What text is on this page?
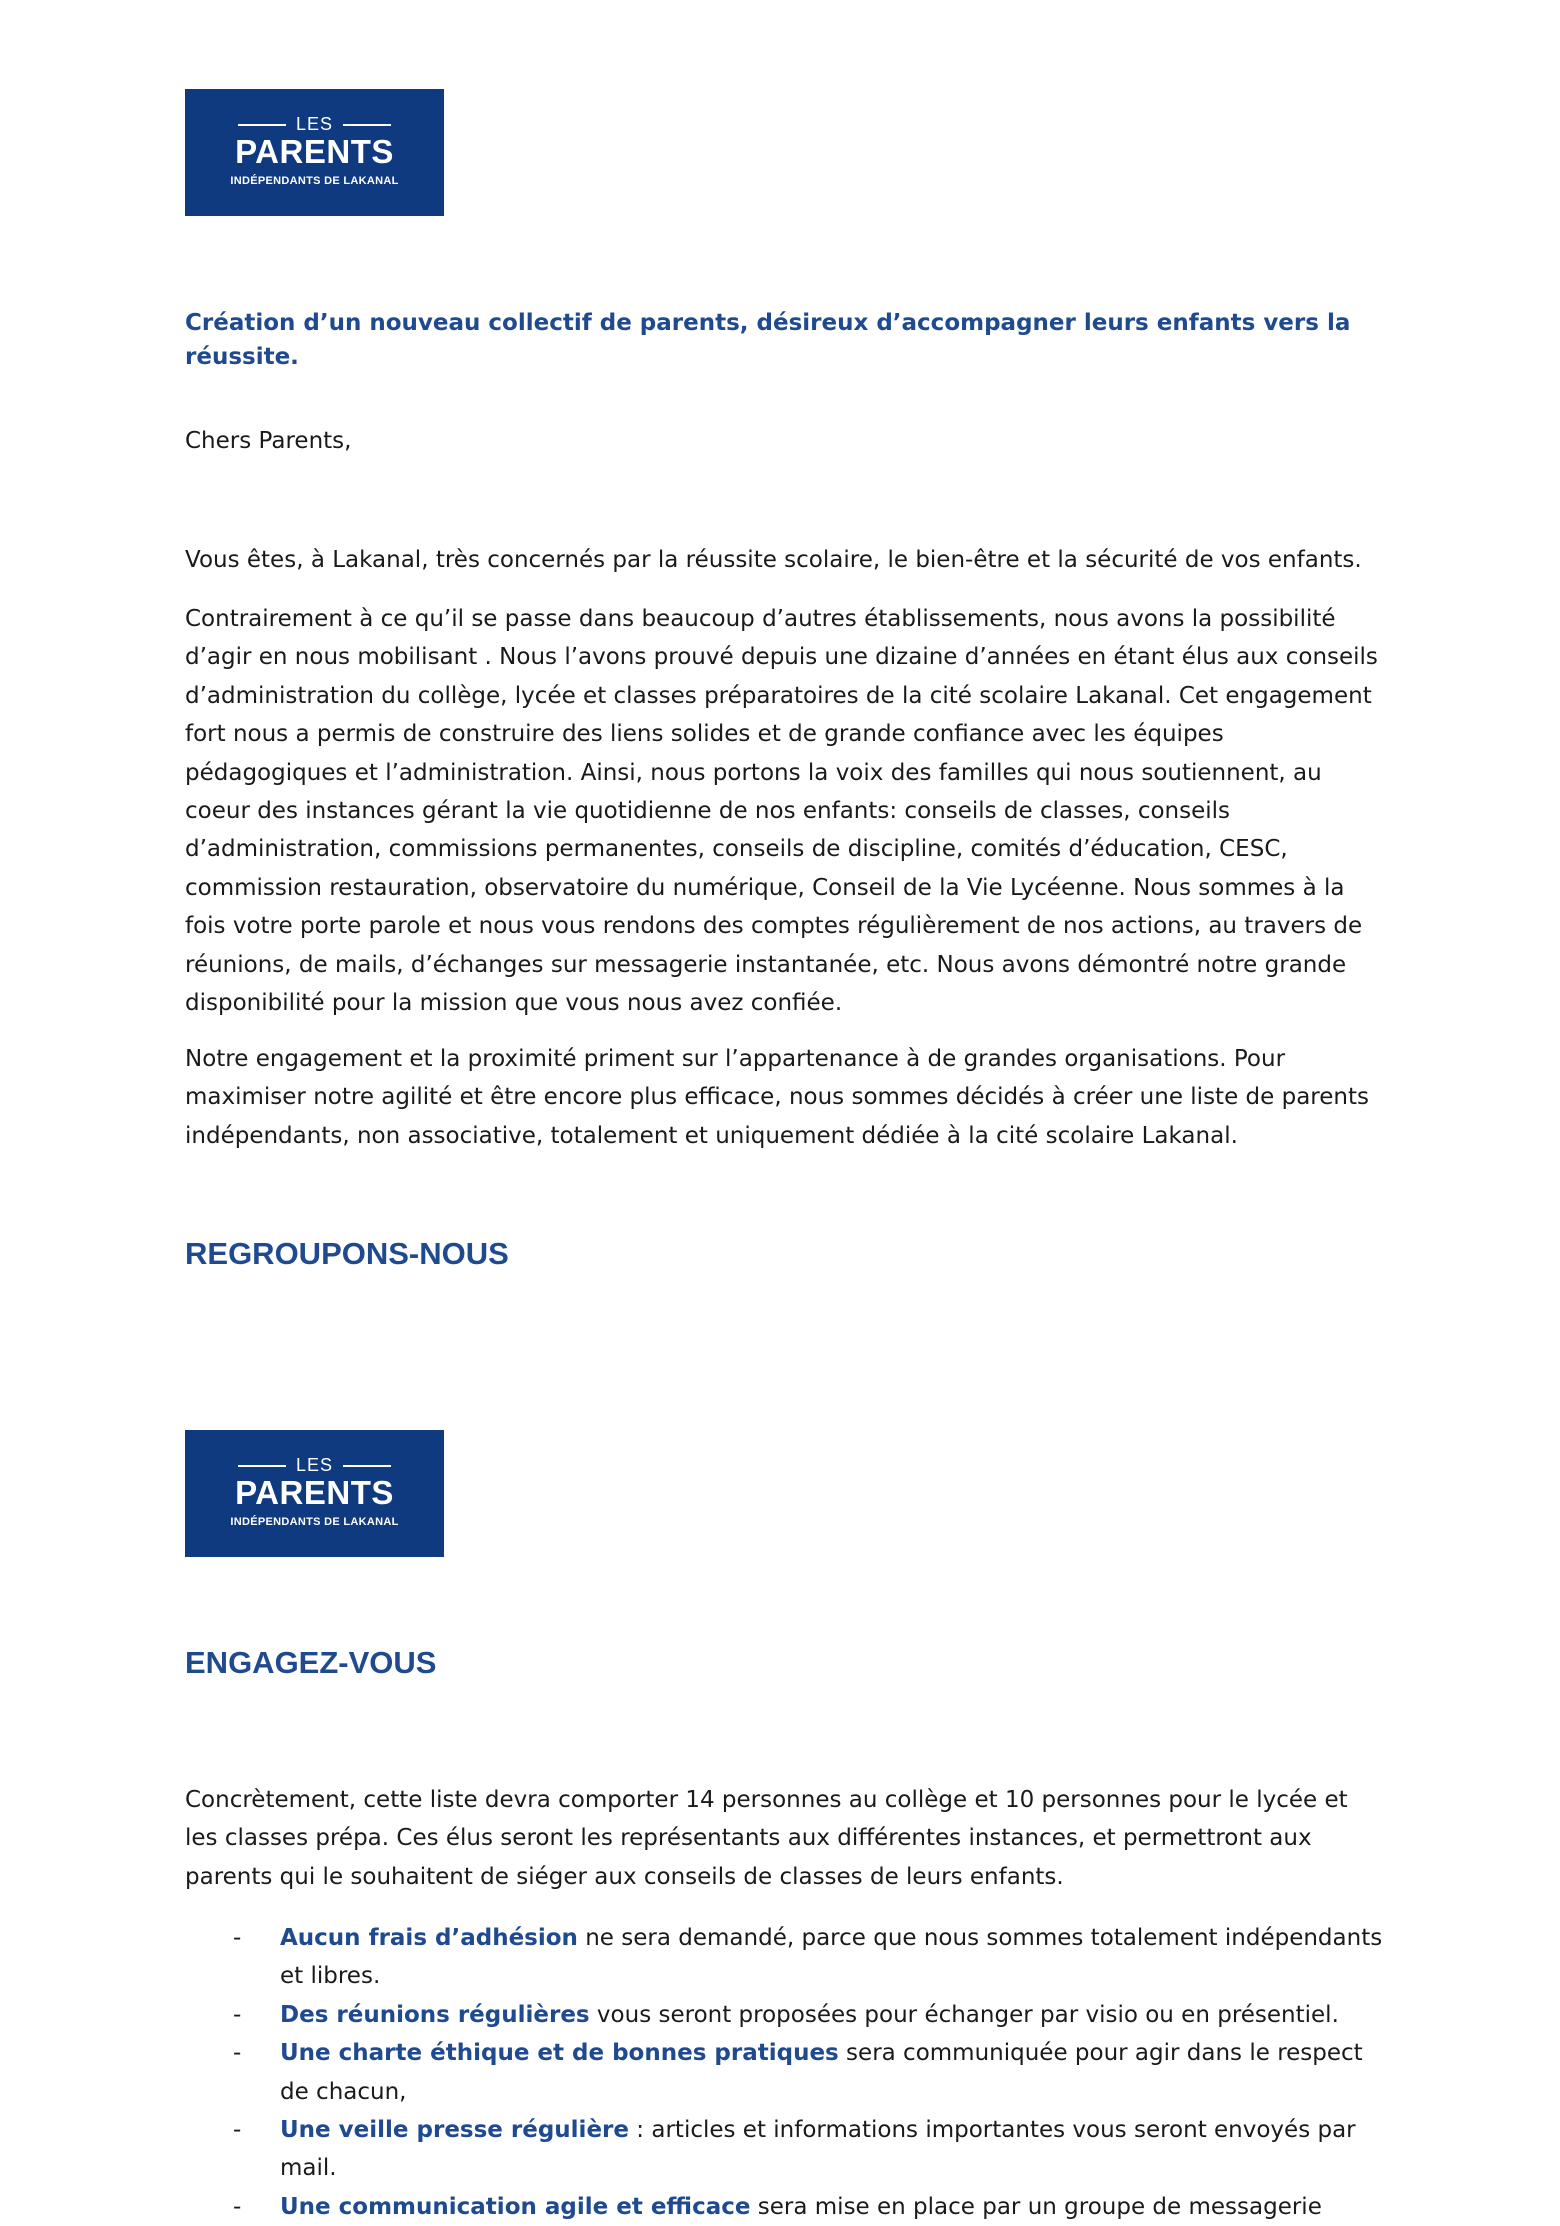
LES
PARENTS
INDÉPENDANTS DE LAKANAL

Création d’un nouveau collectif de parents, désireux d’accompagner leurs enfants vers la réussite.

Chers Parents,

Vous êtes, à Lakanal, très concernés par la réussite scolaire, le bien-être et la sécurité de vos enfants.

Contrairement à ce qu’il se passe dans beaucoup d’autres établissements, nous avons la possibilité d’agir en nous mobilisant . Nous l’avons prouvé depuis une dizaine d’années en étant élus aux conseils d’administration du collège, lycée et classes préparatoires de la cité scolaire Lakanal. Cet engagement fort nous a permis de construire des liens solides et de grande confiance avec les équipes pédagogiques et l’administration. Ainsi, nous portons la voix des familles qui nous soutiennent, au coeur des instances gérant la vie quotidienne de nos enfants: conseils de classes, conseils d’administration, commissions permanentes, conseils de discipline, comités d’éducation, CESC, commission restauration, observatoire du numérique, Conseil de la Vie Lycéenne. Nous sommes à la fois votre porte parole et nous vous rendons des comptes régulièrement de nos actions, au travers de réunions, de mails, d’échanges sur messagerie instantanée, etc. Nous avons démontré notre grande disponibilité pour la mission que vous nous avez confiée.

Notre engagement et la proximité priment sur l’appartenance à de grandes organisations. Pour maximiser notre agilité et être encore plus efficace, nous sommes décidés à créer une liste de parents indépendants, non associative, totalement et uniquement dédiée à la cité scolaire Lakanal.

REGROUPONS-NOUS
LES
PARENTS
INDÉPENDANTS DE LAKANAL
ENGAGEZ-VOUS

Concrètement, cette liste devra comporter 14 personnes au collège et 10 personnes pour le lycée et les classes prépa. Ces élus seront les représentants aux différentes instances, et permettront aux parents qui le souhaitent de siéger aux conseils de classes de leurs enfants.

- Aucun frais d’adhésion ne sera demandé, parce que nous sommes totalement indépendants et libres.
- Des réunions régulières vous seront proposées pour échanger par visio ou en présentiel.
- Une charte éthique et de bonnes pratiques sera communiquée pour agir dans le respect de chacun,
- Une veille presse régulière : articles et informations importantes vous seront envoyés par mail.
- Une communication agile et efficace sera mise en place par un groupe de messagerie
